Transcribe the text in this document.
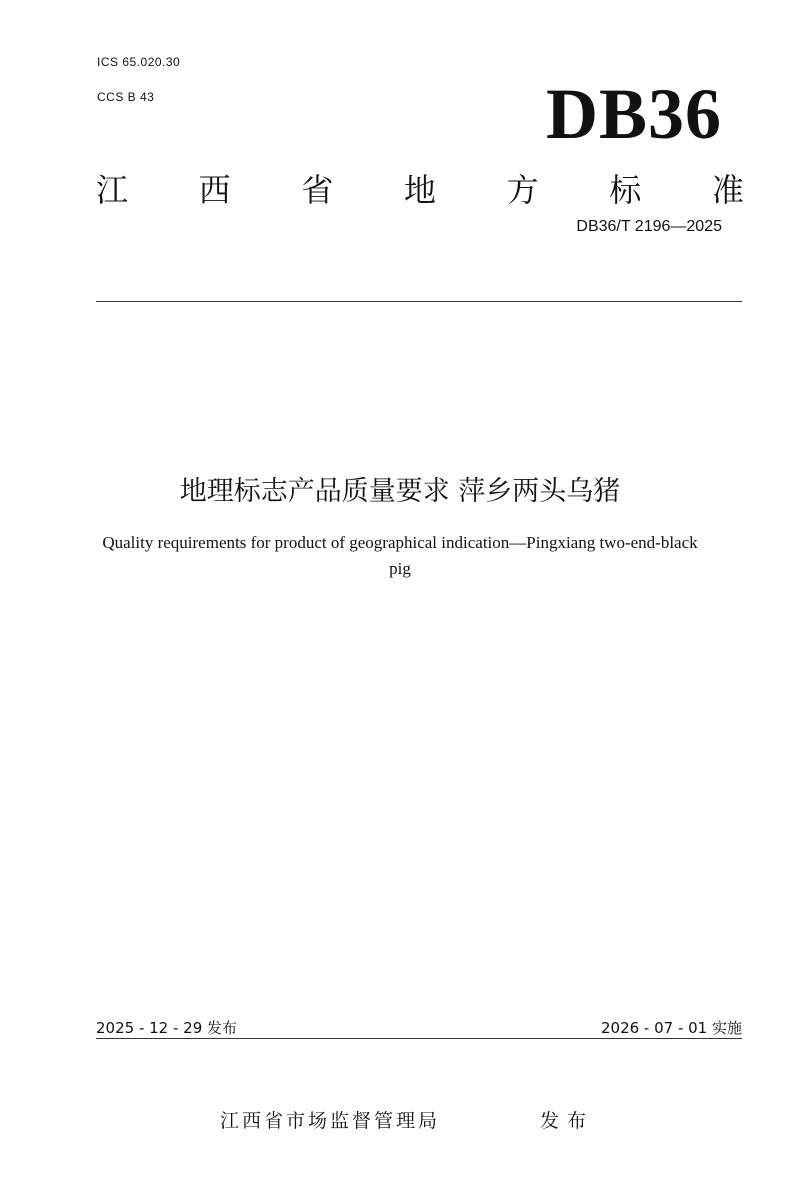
ICS 65.020.30
CCS B 43	DB36
江 西 省 地 方 标 准
DB36/T 2196—2025
地理标志产品质量要求 萍乡两头乌猪
Quality requirements for product of geographical indication—Pingxiang two-end-black pig
2025 - 12 - 29 发布	2026 - 07 - 01 实施
江西省市场监督管理局	发布
